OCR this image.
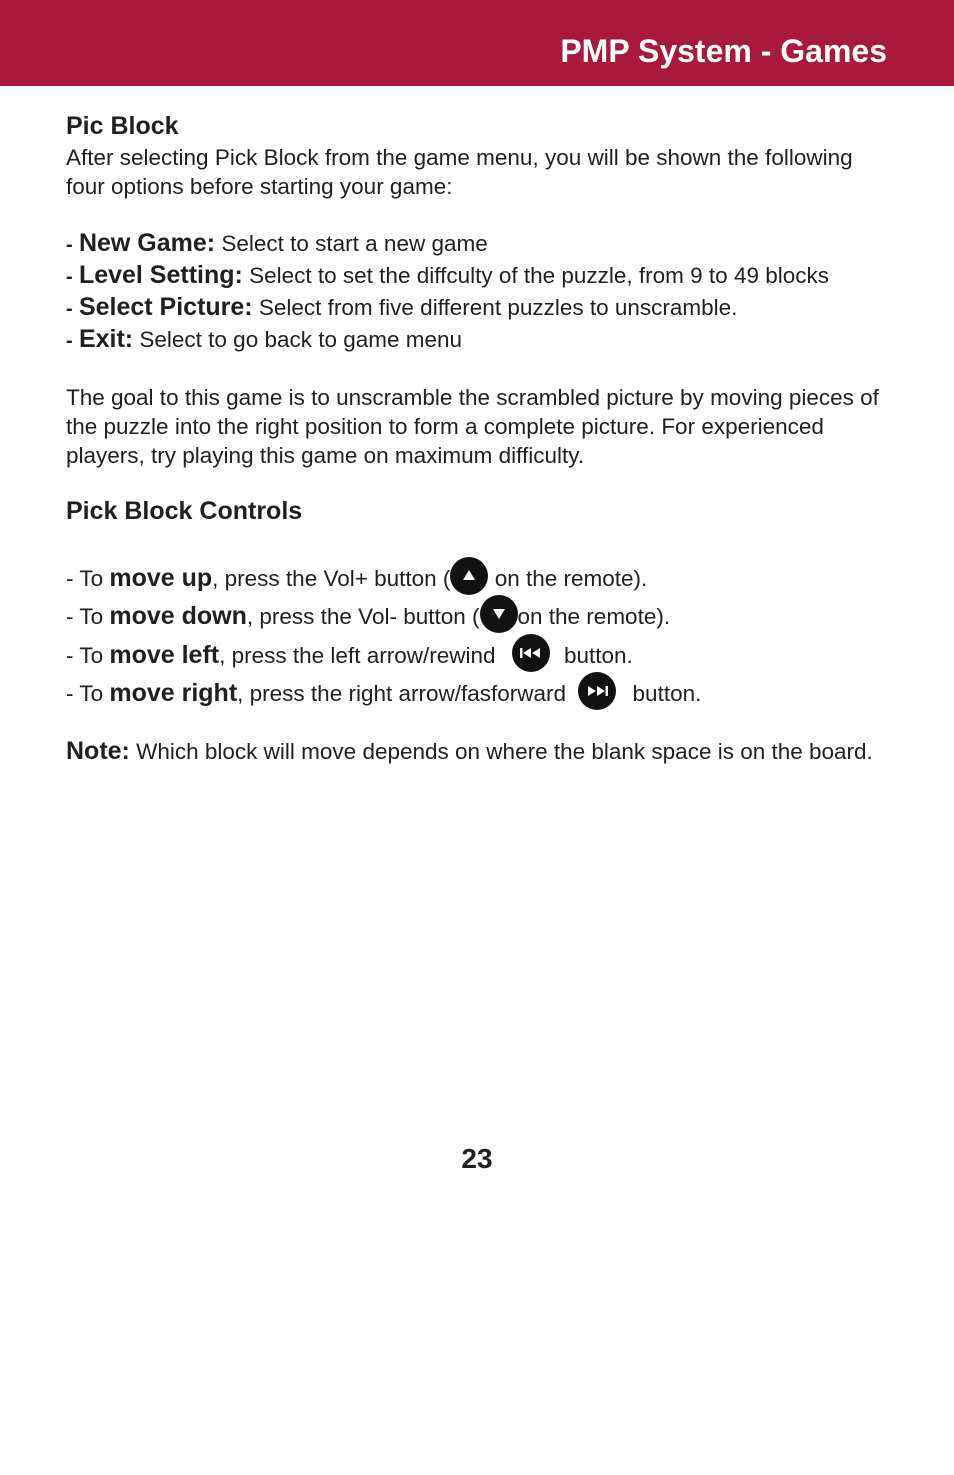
PMP System - Games
Pic Block
After selecting Pick Block from the game menu, you will be shown the following four options before starting your game:
- New Game: Select to start a new game
- Level Setting: Select to set the diffculty of the puzzle, from 9 to 49 blocks
- Select Picture: Select from five different puzzles to unscramble.
- Exit: Select to go back to game menu
The goal to this game is to unscramble the scrambled picture by moving pieces of the puzzle into the right position to form a complete picture. For experienced players, try playing this game on maximum difficulty.
Pick Block Controls
- To move up, press the Vol+ button (
on the remote).
- To move down, press the Vol- button ( on the remote).
- To move left, press the left arrow/rewind
button.
- To move right, press the right arrow/fasforward
button.
Note: Which block will move depends on where the blank space is on the board.
23
